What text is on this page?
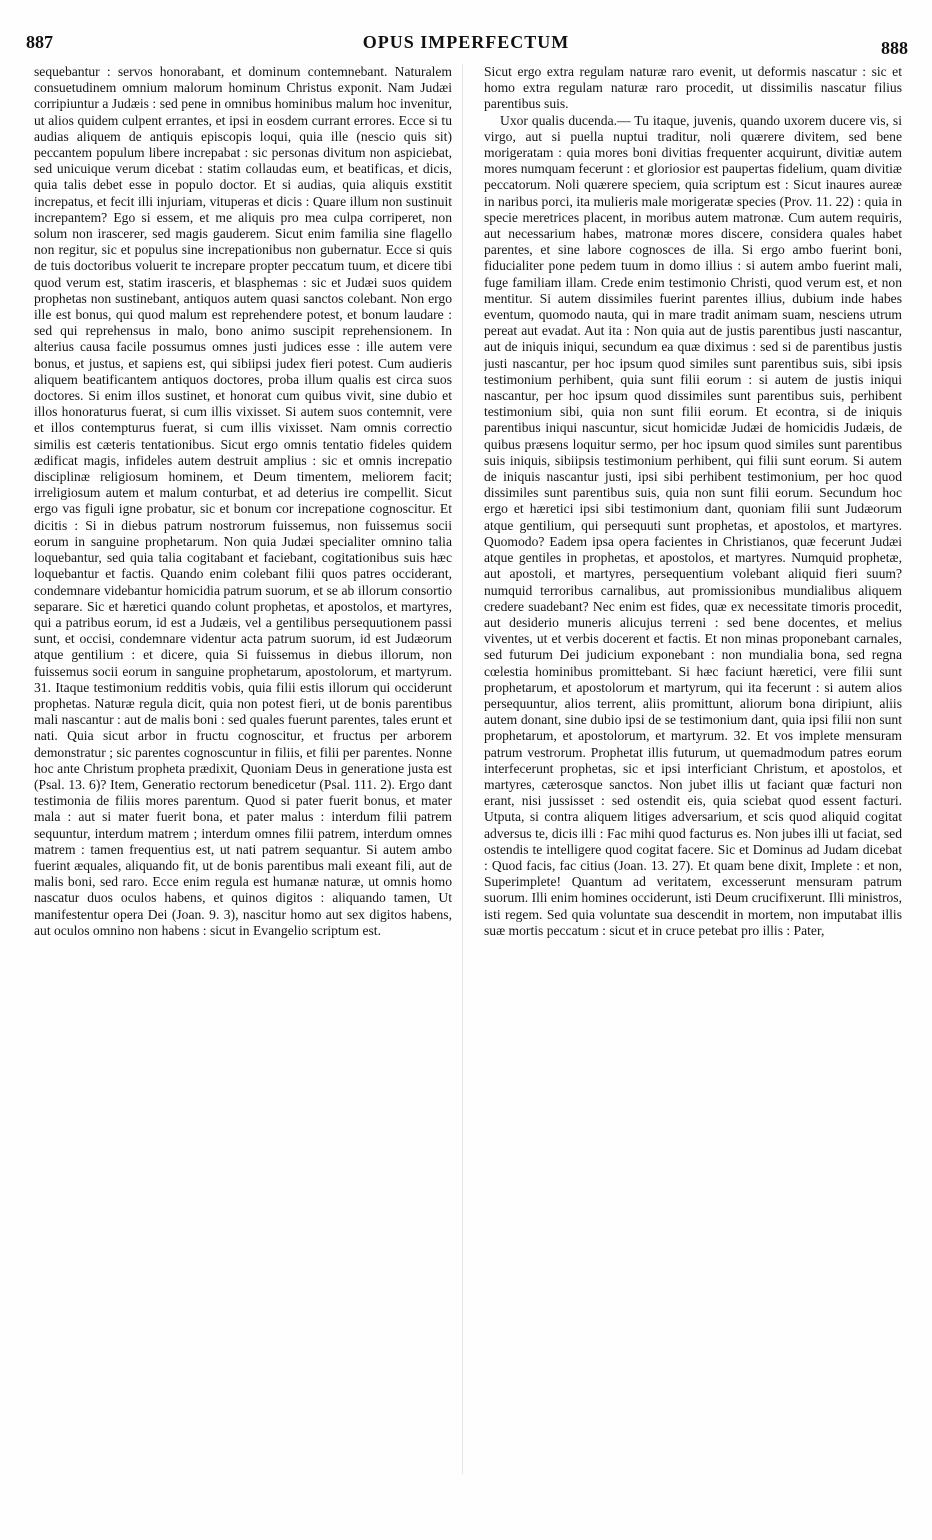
887	OPUS IMPERFECTUM	888

sequebantur : servos honorabant, et dominum contemnebant. Naturalem consuetudinem omnium malorum hominum Christus exponit. Nam Judæi corripiuntur a Judæis : sed pene in omnibus hominibus malum hoc invenitur, ut alios quidem culpent errantes, et ipsi in eosdem currant errores. Ecce si tu audias aliquem de antiquis episcopis loqui, quia ille (nescio quis sit) peccantem populum libere increpabat : sic personas divitum non aspiciebat, sed unicuique verum dicebat : statim collaudas eum, et beatificas, et dicis, quia talis debet esse in populo doctor. Et si audias, quia aliquis exstitit increpatus, et fecit illi injuriam, vituperas et dicis : Quare illum non sustinuit increpantem? Ego si essem, et me aliquis pro mea culpa corriperet, non solum non irascerer, sed magis gauderem. Sicut enim familia sine flagello non regitur, sic et populus sine increpationibus non gubernatur. Ecce si quis de tuis doctoribus voluerit te increpare propter peccatum tuum, et dicere tibi quod verum est, statim irasceris, et blasphemas : sic et Judæi suos quidem prophetas non sustinebant, antiquos autem quasi sanctos colebant. Non ergo ille est bonus, qui quod malum est reprehendere potest, et bonum laudare : sed qui reprehensus in malo, bono animo suscipit reprehensionem. In alterius causa facile possumus omnes justi judices esse : ille autem vere bonus, et justus, et sapiens est, qui sibiipsi judex fieri potest. Cum audieris aliquem beatificantem antiquos doctores, proba illum qualis est circa suos doctores. Si enim illos sustinet, et honorat cum quibus vivit, sine dubio et illos honoraturus fuerat, si cum illis vixisset. Si autem suos contemnit, vere et illos contempturus fuerat, si cum illis vixisset. Nam omnis correctio similis est cæteris tentationibus. Sicut ergo omnis tentatio fideles quidem ædificat magis, infideles autem destruit amplius : sic et omnis increpatio disciplinæ religiosum hominem, et Deum timentem, meliorem facit; irreligiosum autem et malum conturbat, et ad deterius ire compellit. Sicut ergo vas figuli igne probatur, sic et bonum cor increpatione cognoscitur. Et dicitis : Si in diebus patrum nostrorum fuissemus, non fuissemus socii eorum in sanguine prophetarum. Non quia Judæi specialiter omnino talia loquebantur, sed quia talia cogitabant et faciebant, cogitationibus suis hæc loquebantur et factis. Quando enim colebant filii quos patres occiderant, condemnare videbantur homicidia patrum suorum, et se ab illorum consortio separare. Sic et hæretici quando colunt prophetas, et apostolos, et martyres, qui a patribus eorum, id est a Judæis, vel a gentilibus persequutionem passi sunt, et occisi, condemnare videntur acta patrum suorum, id est Judæorum atque gentilium : et dicere, quia Si fuissemus in diebus illorum, non fuissemus socii eorum in sanguine prophetarum, apostolorum, et martyrum. 31. Itaque testimonium redditis vobis, quia filii estis illorum qui occiderunt prophetas. Naturæ regula dicit, quia non potest fieri, ut de bonis parentibus mali nascantur : aut de malis boni : sed quales fuerunt parentes, tales erunt et nati. Quia sicut arbor in fructu cognoscitur, et fructus per arborem demonstratur ; sic parentes cognoscuntur in filiis, et filii per parentes. Nonne hoc ante Christum propheta prædixit, Quoniam Deus in generatione justa est (Psal. 13. 6)? Item, Generatio rectorum benedicetur (Psal. 111. 2). Ergo dant testimonia de filiis mores parentum. Quod si pater fuerit bonus, et mater mala : aut si mater fuerit bona, et pater malus : interdum filii patrem sequuntur, interdum matrem ; interdum omnes filii patrem, interdum omnes matrem : tamen frequentius est, ut nati patrem sequantur. Si autem ambo fuerint æquales, aliquando fit, ut de bonis parentibus mali exeant fili, aut de malis boni, sed raro. Ecce enim regula est humanæ naturæ, ut omnis homo nascatur duos oculos habens, et quinos digitos : aliquando tamen, Ut manifestentur opera Dei (Joan. 9. 3), nascitur homo aut sex digitos habens, aut oculos omnino non habens : sicut in Evangelio scriptum est.

Sicut ergo extra regulam naturæ raro evenit, ut deformis nascatur : sic et homo extra regulam naturæ raro procedit, ut dissimilis nascatur filius parentibus suis.

Uxor qualis ducenda.— Tu itaque, juvenis, quando uxorem ducere vis, si virgo, aut si puella nuptui traditur, noli quærere divitem, sed bene morigeratam : quia mores boni divitias frequenter acquirunt, divitiæ autem mores numquam fecerunt : et gloriosior est paupertas fidelium, quam divitiæ peccatorum. Noli quærere speciem, quia scriptum est : Sicut inaures aureæ in naribus porci, ita mulieris male morigeratæ species (Prov. 11. 22) : quia in specie meretrices placent, in moribus autem matronæ. Cum autem requiris, aut necessarium habes, matronæ mores discere, considera quales habet parentes, et sine labore cognosces de illa. Si ergo ambo fuerint boni, fiducialiter pone pedem tuum in domo illius : si autem ambo fuerint mali, fuge familiam illam. Crede enim testimonio Christi, quod verum est, et non mentitur. Si autem dissimiles fuerint parentes illius, dubium inde habes eventum, quomodo nauta, qui in mare tradit animam suam, nesciens utrum pereat aut evadat. Aut ita : Non quia aut de justis parentibus justi nascantur, aut de iniquis iniqui, secundum ea quæ diximus : sed si de parentibus justis justi nascantur, per hoc ipsum quod similes sunt parentibus suis, sibi ipsis testimonium perhibent, quia sunt filii eorum : si autem de justis iniqui nascantur, per hoc ipsum quod dissimiles sunt parentibus suis, perhibent testimonium sibi, quia non sunt filii eorum. Et econtra, si de iniquis parentibus iniqui nascuntur, sicut homicidæ Judæi de homicidis Judæis, de quibus præsens loquitur sermo, per hoc ipsum quod similes sunt parentibus suis iniquis, sibiipsis testimonium perhibent, qui filii sunt eorum. Si autem de iniquis nascantur justi, ipsi sibi perhibent testimonium, per hoc quod dissimiles sunt parentibus suis, quia non sunt filii eorum. Secundum hoc ergo et hæretici ipsi sibi testimonium dant, quoniam filii sunt Judæorum atque gentilium, qui persequuti sunt prophetas, et apostolos, et martyres. Quomodo? Eadem ipsa opera facientes in Christianos, quæ fecerunt Judæi atque gentiles in prophetas, et apostolos, et martyres. Numquid prophetæ, aut apostoli, et martyres, persequentium volebant aliquid fieri suum? numquid terroribus carnalibus, aut promissionibus mundialibus aliquem credere suadebant? Nec enim est fides, quæ ex necessitate timoris procedit, aut desiderio muneris alicujus terreni : sed bene docentes, et melius viventes, ut et verbis docerent et factis. Et non minas proponebant carnales, sed futurum Dei judicium exponebant : non mundialia bona, sed regna cœlestia hominibus promittebant. Si hæc faciunt hæretici, vere filii sunt prophetarum, et apostolorum et martyrum, qui ita fecerunt : si autem alios persequuntur, alios terrent, aliis promittunt, aliorum bona diripiunt, aliis autem donant, sine dubio ipsi de se testimonium dant, quia ipsi filii non sunt prophetarum, et apostolorum, et martyrum. 32. Et vos implete mensuram patrum vestrorum. Prophetat illis futurum, ut quemadmodum patres eorum interfecerunt prophetas, sic et ipsi interficiant Christum, et apostolos, et martyres, cæterosque sanctos. Non jubet illis ut faciant quæ facturi non erant, nisi jussisset : sed ostendit eis, quia sciebat quod essent facturi. Utputa, si contra aliquem litiges adversarium, et scis quod aliquid cogitat adversus te, dicis illi : Fac mihi quod facturus es. Non jubes illi ut faciat, sed ostendis te intelligere quod cogitat facere. Sic et Dominus ad Judam dicebat : Quod facis, fac citius (Joan. 13. 27). Et quam bene dixit, Implete : et non, Superimplete! Quantum ad veritatem, excesserunt mensuram patrum suorum. Illi enim homines occiderunt, isti Deum crucifixerunt. Illi ministros, isti regem. Sed quia voluntate sua descendit in mortem, non imputabat illis suæ mortis peccatum : sicut et in cruce petebat pro illis : Pater,
